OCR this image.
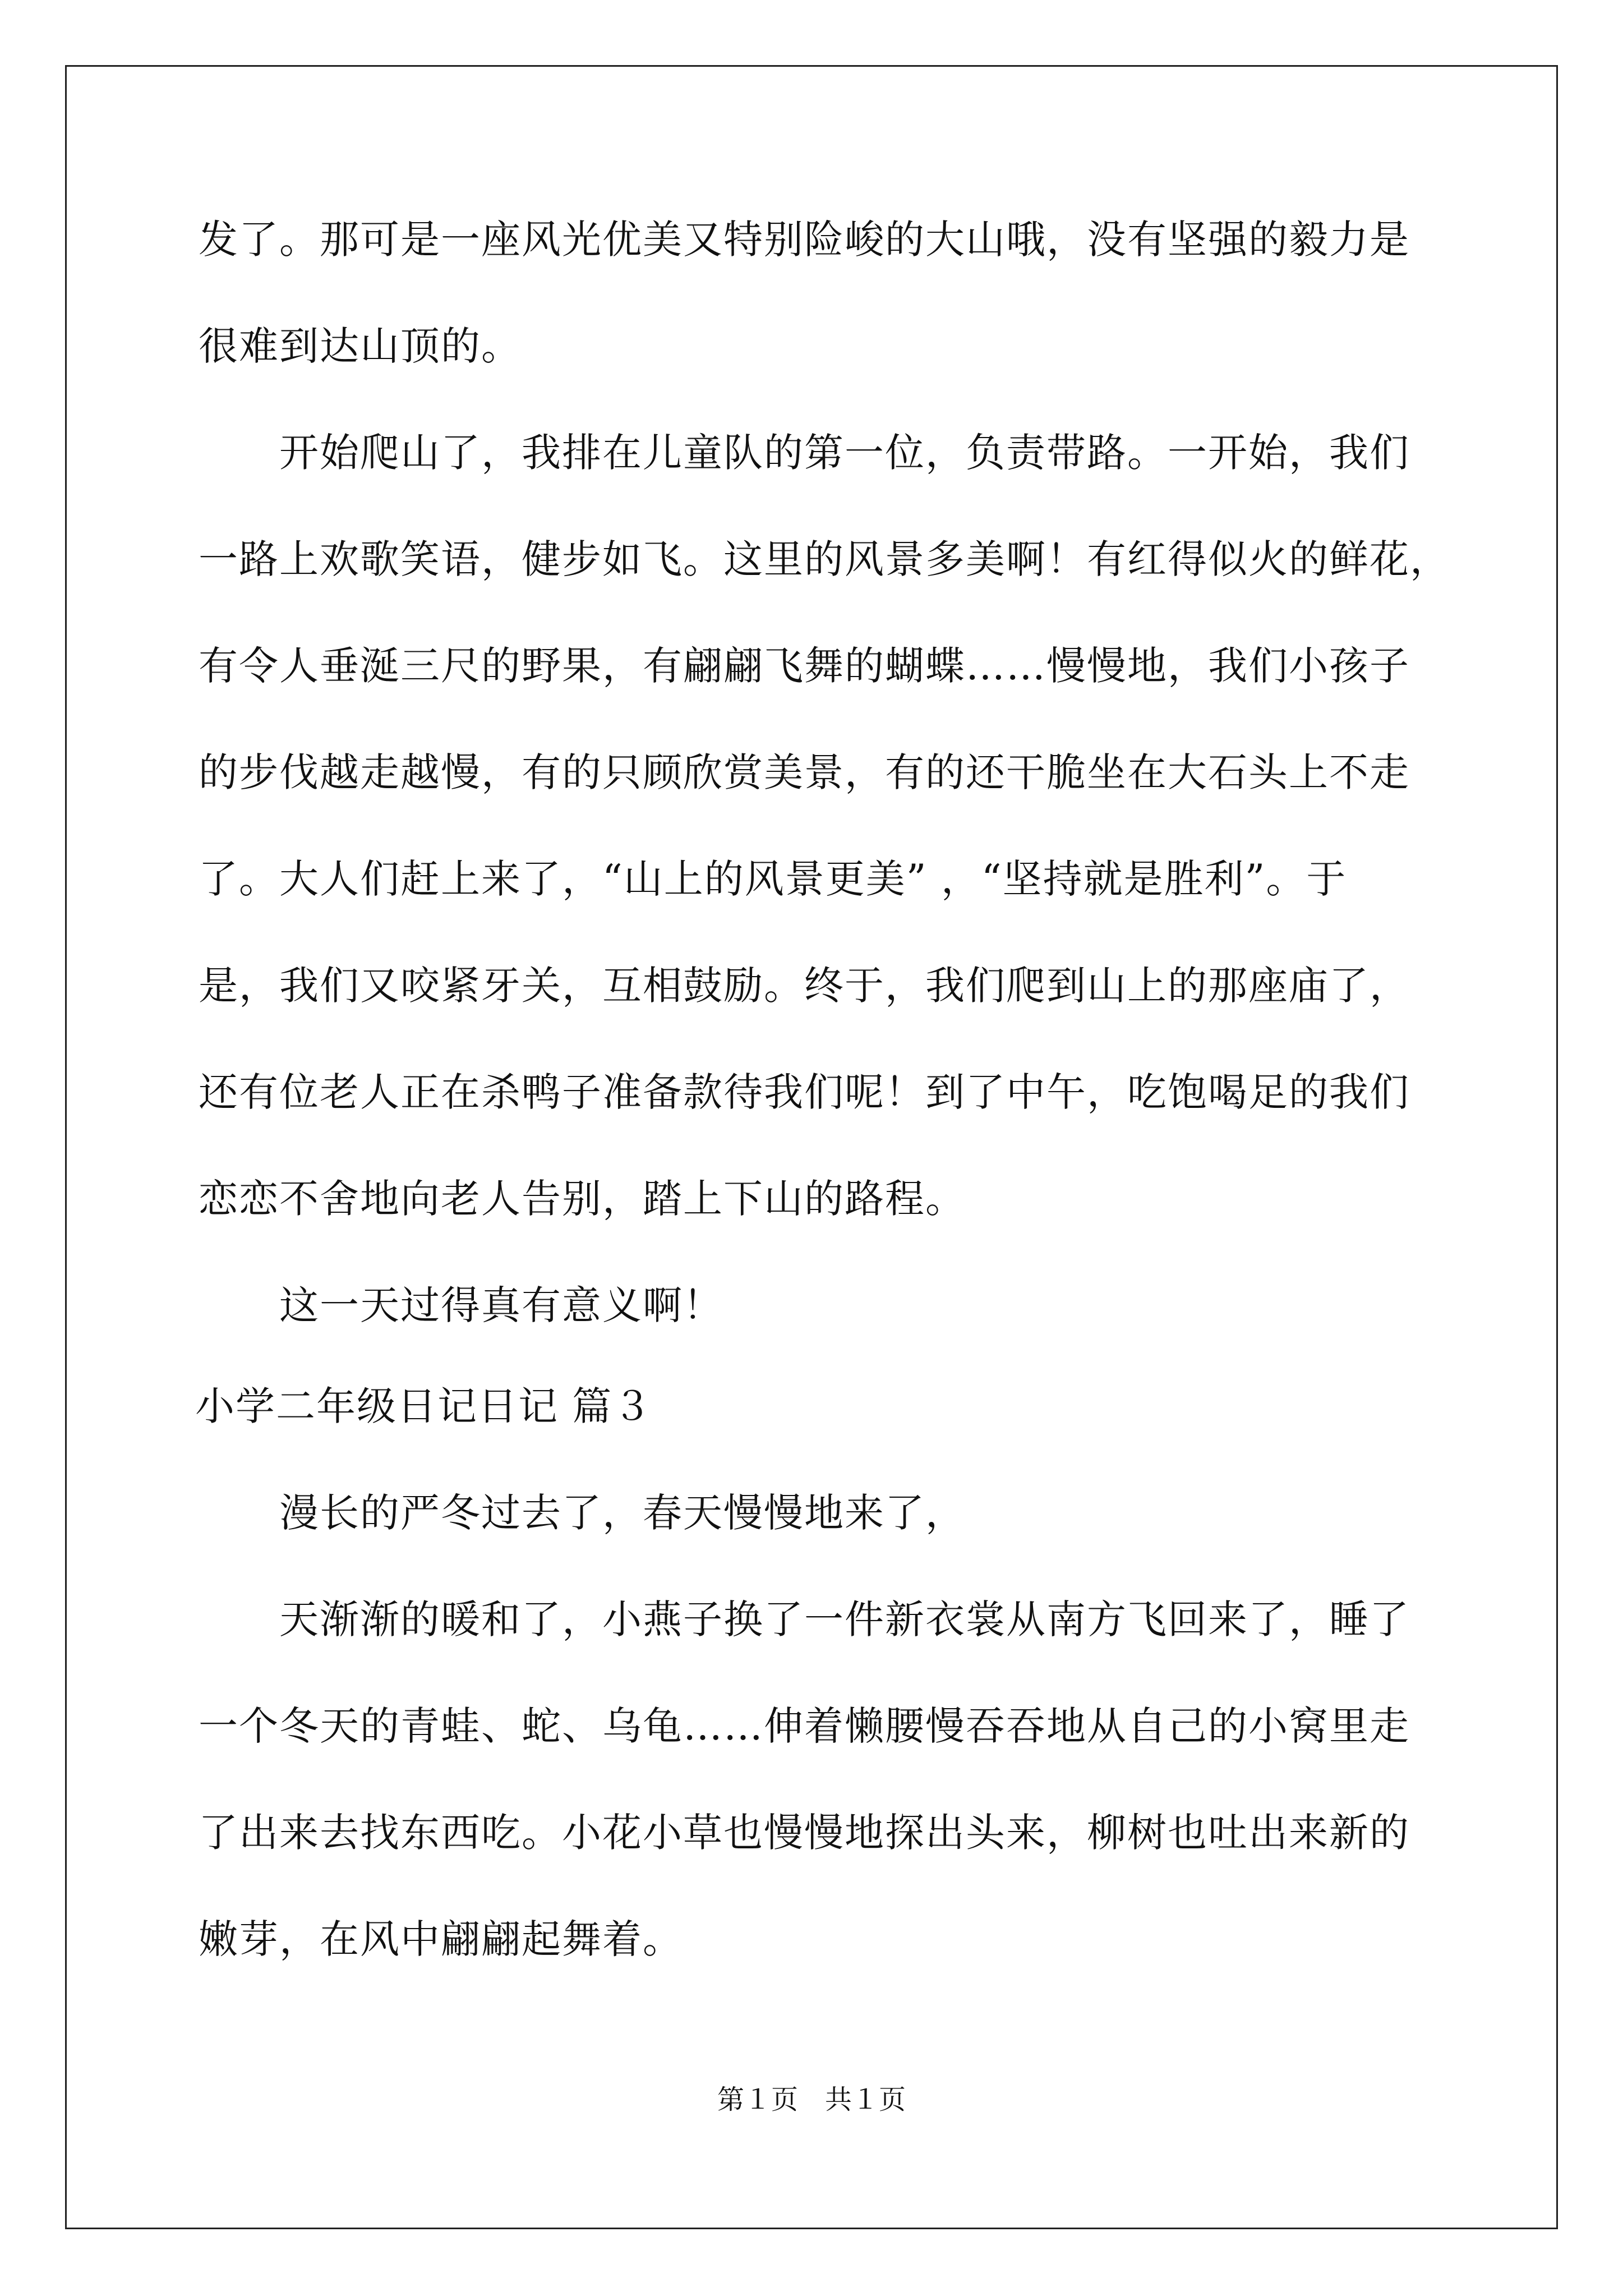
发了。那可是一座风光优美又特别险峻的大山哦，没有坚强的毅力是
很难到达山顶的。
　　开始爬山了，我排在儿童队的第一位，负责带路。一开始，我们
一路上欢歌笑语，健步如飞。这里的风景多美啊！有红得似火的鲜花，
有令人垂涎三尺的野果，有翩翩飞舞的蝴蝶……慢慢地，我们小孩子
的步伐越走越慢，有的只顾欣赏美景，有的还干脆坐在大石头上不走
了。大人们赶上来了，“山上的风景更美” ，“坚持就是胜利”。于
是，我们又咬紧牙关，互相鼓励。终于，我们爬到山上的那座庙了，
还有位老人正在杀鸭子准备款待我们呢！到了中午，吃饱喝足的我们
恋恋不舍地向老人告别，踏上下山的路程。
　　这一天过得真有意义啊！
小学二年级日记日记 篇３
　　漫长的严冬过去了，春天慢慢地来了，
　　天渐渐的暖和了，小燕子换了一件新衣裳从南方飞回来了，睡了
一个冬天的青蛙、蛇、乌龟……伸着懒腰慢吞吞地从自己的小窝里走
了出来去找东西吃。小花小草也慢慢地探出头来，柳树也吐出来新的
嫩芽，在风中翩翩起舞着。
第１页　共１页
